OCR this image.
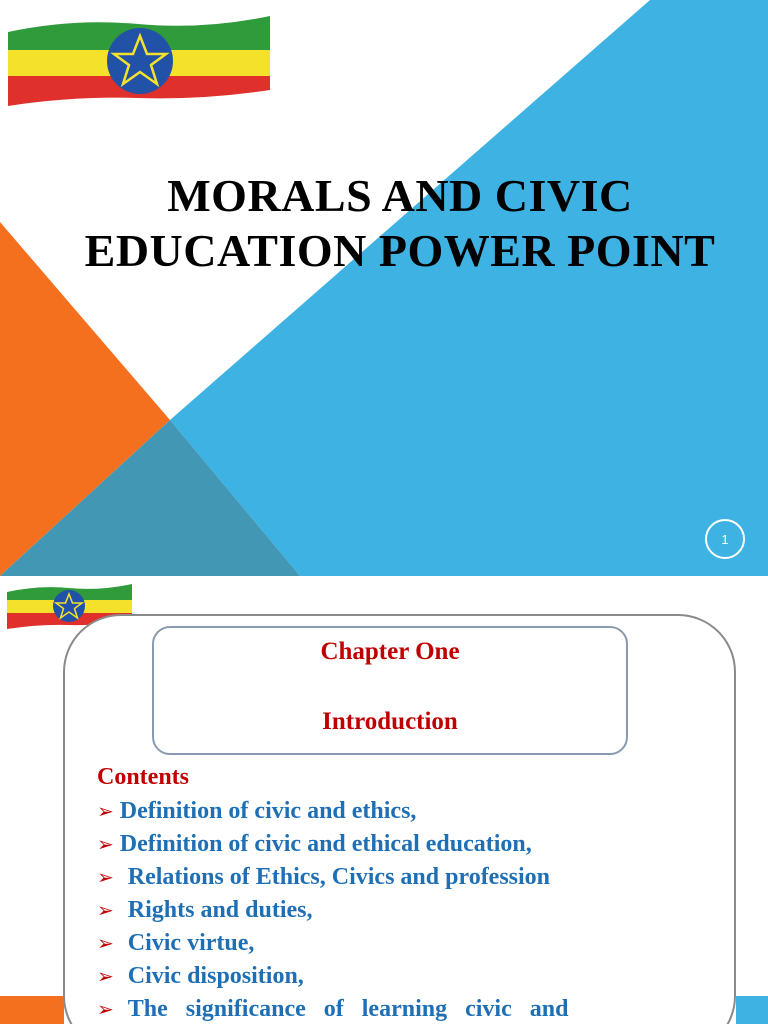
MORALS AND CIVIC
EDUCATION POWER POINT
1
Chapter One
Introduction
Contents
➢ Definition of civic and ethics,
➢ Definition of civic and ethical education,
➢ Relations of Ethics, Civics and profession
➢ Rights and duties,
➢ Civic virtue,
➢ Civic disposition,
➢ The significance of learning civic and
